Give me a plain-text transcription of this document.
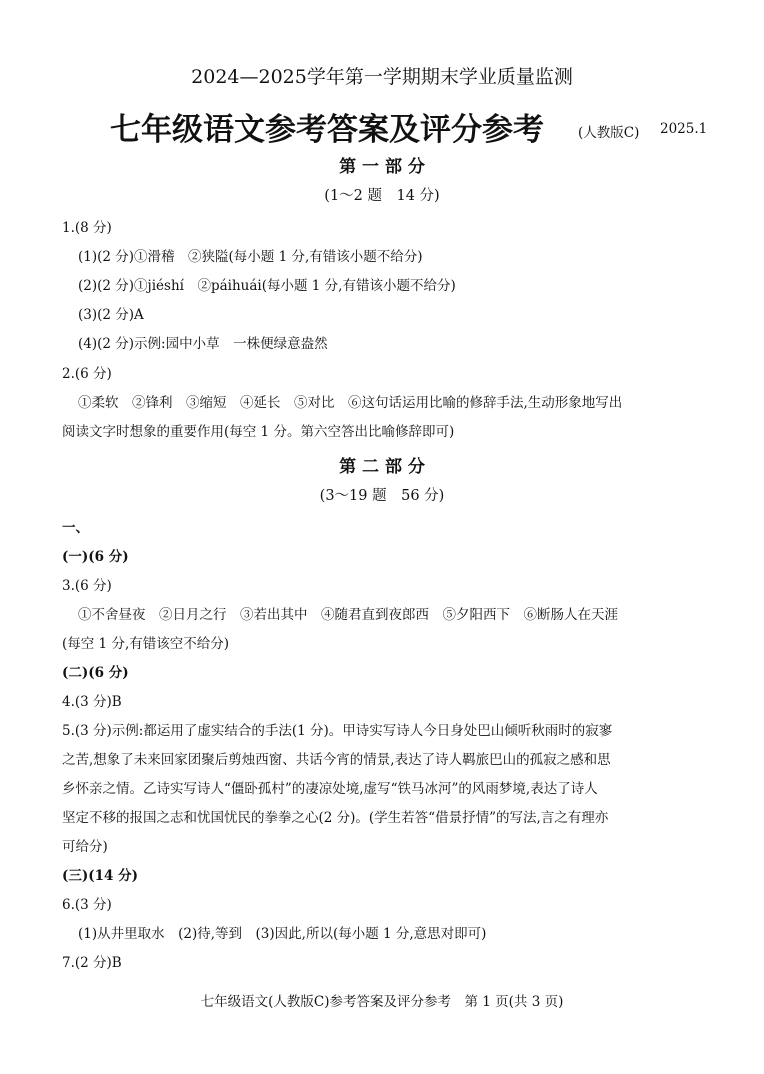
2024—2025学年第一学期期末学业质量监测
七年级语文参考答案及评分参考	(人教版C) 2025.1
第 一 部 分
(1～2 题　14 分)
1.(8 分)
(1)(2 分)①滑稽　②狭隘(每小题 1 分,有错该小题不给分)
(2)(2 分)①jiéshí　②páihuái(每小题 1 分,有错该小题不给分)
(3)(2 分)A
(4)(2 分)示例:园中小草　一株便绿意盎然
2.(6 分)
①柔软　②锋利　③缩短　④延长　⑤对比　⑥这句话运用比喻的修辞手法,生动形象地写出
阅读文字时想象的重要作用(每空 1 分。第六空答出比喻修辞即可)
第 二 部 分
(3～19 题　56 分)
一、
(一)(6 分)
3.(6 分)
①不舍昼夜　②日月之行　③若出其中　④随君直到夜郎西　⑤夕阳西下　⑥断肠人在天涯
(每空 1 分,有错该空不给分)
(二)(6 分)
4.(3 分)B
5.(3 分)示例:都运用了虚实结合的手法(1 分)。甲诗实写诗人今日身处巴山倾听秋雨时的寂寥
之苦,想象了未来回家团聚后剪烛西窗、共话今宵的情景,表达了诗人羁旅巴山的孤寂之感和思
乡怀亲之情。乙诗实写诗人“僵卧孤村”的凄凉处境,虚写“铁马冰河”的风雨梦境,表达了诗人
坚定不移的报国之志和忧国忧民的拳拳之心(2 分)。(学生若答“借景抒情”的写法,言之有理亦
可给分)
(三)(14 分)
6.(3 分)
(1)从井里取水　(2)待,等到　(3)因此,所以(每小题 1 分,意思对即可)
7.(2 分)B
七年级语文(人教版C)参考答案及评分参考　第 1 页(共 3 页)
